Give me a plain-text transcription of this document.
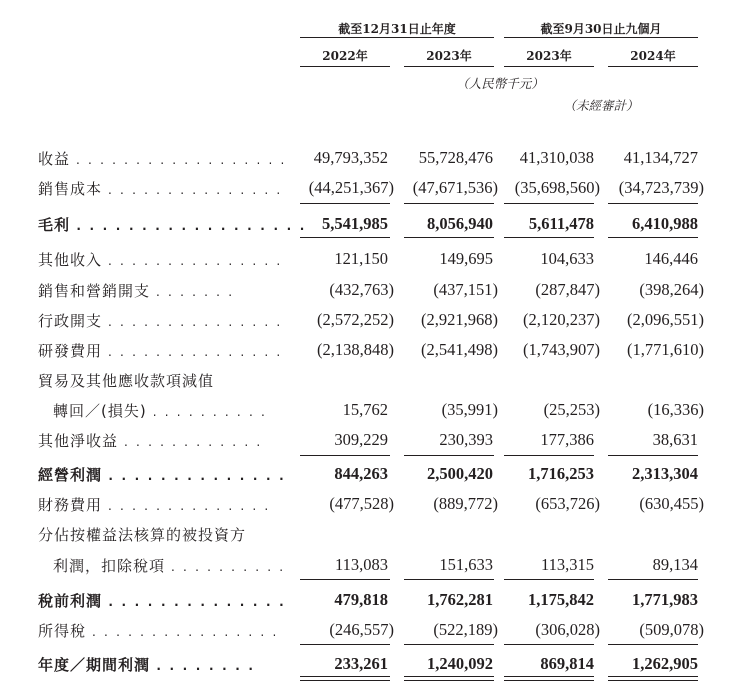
截至12月31日止年度	截至9月30日止九個月
2022年	2023年	2023年	2024年
（人民幣千元）
（未經審計）
收益 . . . . . . . . . . . . . . . . . . 49,793,352 55,728,476 41,310,038 41,134,727
銷售成本 . . . . . . . . . . . . . . . (44,251,367) (47,671,536) (35,698,560) (34,723,739)
毛利 . . . . . . . . . . . . . . . . . . 5,541,985 8,056,940 5,611,478 6,410,988
其他收入 . . . . . . . . . . . . . . .	121,150	149,695	104,633	146,446
銷售和營銷開支 . . . . . . .	(432,763) (437,151) (287,847) (398,264)
行政開支 . . . . . . . . . . . . . . . (2,572,252) (2,921,968) (2,120,237) (2,096,551)
研發費用 . . . . . . . . . . . . . . . (2,138,848) (2,541,498) (1,743,907) (1,771,610)
貿易及其他應收款項減值
轉回／(損失) . . . . . . . . . .	15,762	(35,991)	(25,253)	(16,336)
其他淨收益 . . . . . . . . . . . .	309,229	230,393	177,386	38,631
經營利潤 . . . . . . . . . . . . . .	844,263 2,500,420 1,716,253 2,313,304
財務費用 . . . . . . . . . . . . . .	(477,528) (889,772) (653,726) (630,455)
分佔按權益法核算的被投資方
利潤，扣除稅項 . . . . . . . . . .	113,083	151,633	113,315	89,134
稅前利潤 . . . . . . . . . . . . . .	479,818 1,762,281 1,175,842 1,771,983
所得稅 . . . . . . . . . . . . . . . .	(246,557) (522,189) (306,028) (509,078)
年度／期間利潤 . . . . . . . .	233,261 1,240,092	869,814 1,262,905
